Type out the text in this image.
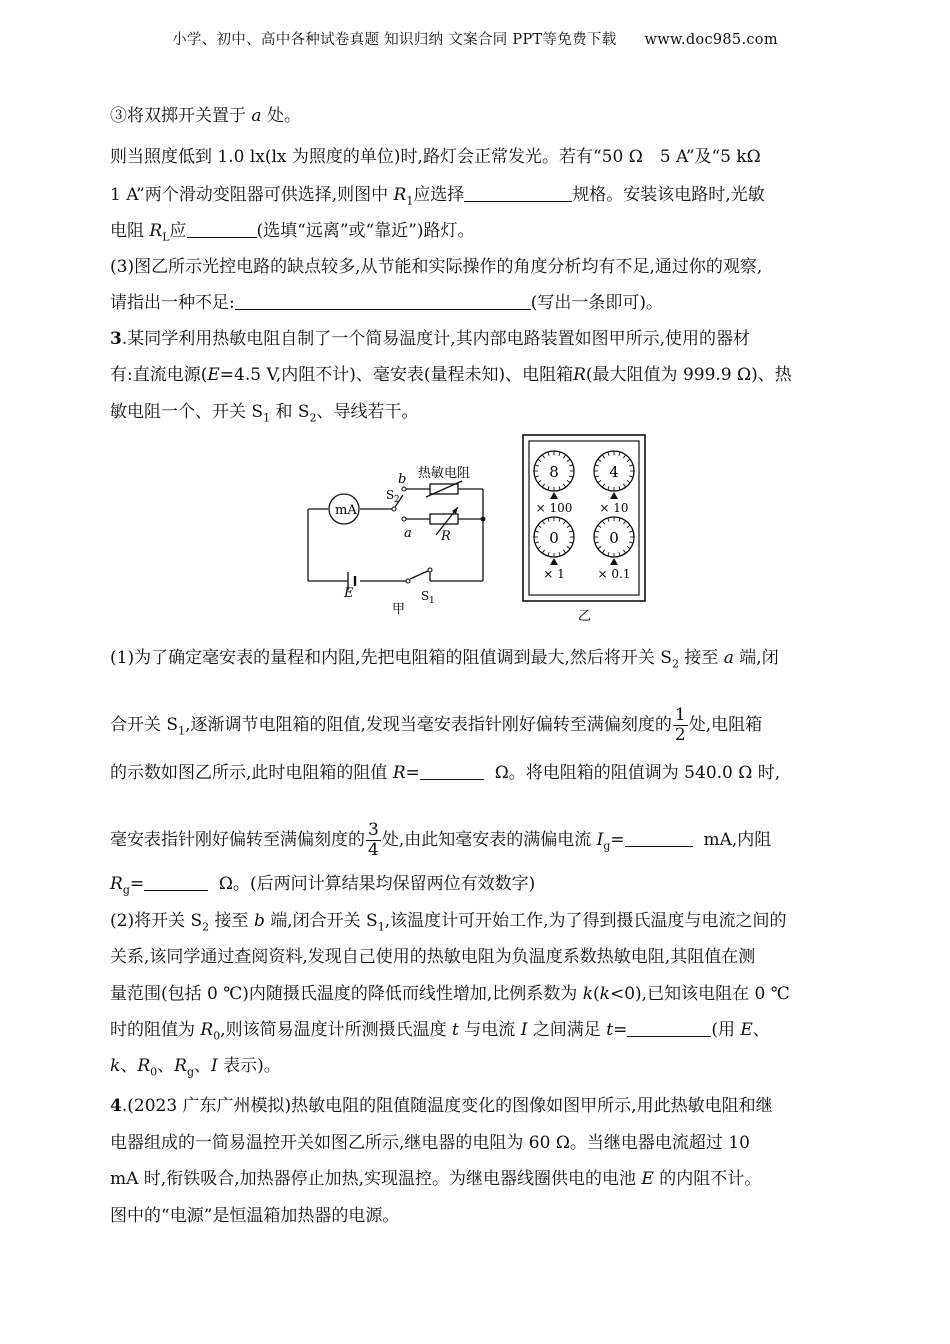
小学、初中、高中各种试卷真题 知识归纳 文案合同 PPT等免费下载 www.doc985.com
③将双掷开关置于 a 处。
则当照度低到 1.0 lx(lx 为照度的单位)时,路灯会正常发光。若有“50 Ω　5 A”及“5 kΩ
1 A”两个滑动变阻器可供选择,则图中 $R_1$应选择	规格。安装该电路时,光敏
电阻 $R_L$应	(选填“远离”或“靠近”)路灯。
(3)图乙所示光控电路的缺点较多,从节能和实际操作的角度分析均有不足,通过你的观察,
请指出一种不足:	(写出一条即可)。
3.某同学利用热敏电阻自制了一个简易温度计,其内部电路装置如图甲所示,使用的器材
有:直流电源(E=4.5 V,内阻不计)、毫安表(量程未知)、电阻箱R(最大阻值为 999.9 Ω)、热
敏电阻一个、开关 $S_1$ 和 $S_2$、导线若干。
mA
热敏电阻
b
a R
S 2
E	S 1
甲
8
× 100
4
× 10
0
× 1
0
× 0.1
乙
(1)为了确定毫安表的量程和内阻,先把电阻箱的阻值调到最大,然后将开关 $S_2$ 接至 a 端,闭
合开关 $S_1$,逐渐调节电阻箱的阻值,发现当毫安表指针刚好偏转至满偏刻度的 $\frac{1}{2}$ 处,电阻箱
的示数如图乙所示,此时电阻箱的阻值 R=	Ω。将电阻箱的阻值调为 540.0 Ω 时,
毫安表指针刚好偏转至满偏刻度的 $\frac{3}{4}$ 处,由此知毫安表的满偏电流 $I_g=$	mA,内阻
$R_g=$	Ω。(后两问计算结果均保留两位有效数字)
(2)将开关 $S_2$ 接至 b 端,闭合开关 $S_1$,该温度计可开始工作,为了得到摄氏温度与电流之间的
关系,该同学通过查阅资料,发现自己使用的热敏电阻为负温度系数热敏电阻,其阻值在测
量范围(包括 0 ℃)内随摄氏温度的降低而线性增加,比例系数为 k(k<0),已知该电阻在 0 ℃
时的阻值为 $R_0$,则该简易温度计所测摄氏温度 t 与电流 I 之间满足 t=	(用 E、
k、$R_0$、$R_g$、I 表示)。
4.(2023 广东广州模拟)热敏电阻的阻值随温度变化的图像如图甲所示,用此热敏电阻和继
电器组成的一简易温控开关如图乙所示,继电器的电阻为 60 Ω。当继电器电流超过 10
mA 时,衔铁吸合,加热器停止加热,实现温控。为继电器线圈供电的电池 E 的内阻不计。
图中的“电源”是恒温箱加热器的电源。
